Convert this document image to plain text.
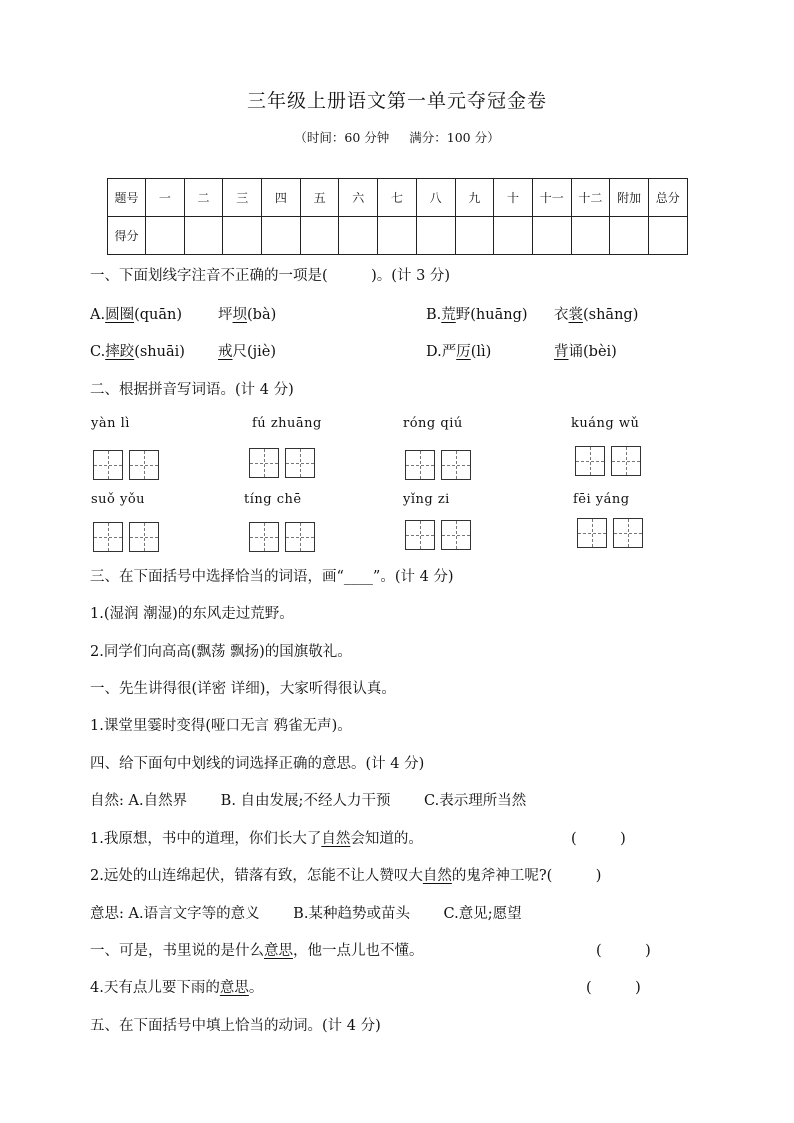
三年级上册语文第一单元夺冠金卷
（时间：60 分钟 满分：100 分）
题号	一	二	三	四	五	六	七	八	九	十	十一	十二	附加	总分
得分														
一、下面划线字注音不正确的一项是(　　　)。(计 3 分)
A.圆圈(quān) 坪坝(bà)	B.荒野(huāng) 衣裳(shāng)
C.摔跤(shuāi) 戒尺(jiè)	D.严厉(lì)	背诵(bèi)
二、根据拼音写词语。(计 4 分)
yàn lì	fú zhuāng	róng qiú	kuáng wǔ
suǒ yǒu	tíng chē	yǐng zi	fēi yáng
三、在下面括号中选择恰当的词语，画“____”。(计 4 分)
1.(湿润 潮湿)的东风走过荒野。
2.同学们向高高(飘荡 飘扬)的国旗敬礼。
一、先生讲得很(详密 详细)，大家听得很认真。
1.课堂里霎时变得(哑口无言 鸦雀无声)。
四、给下面句中划线的词选择正确的意思。(计 4 分)
自然: A.自然界　　 B. 自由发展;不经人力干预　　 C.表示理所当然
1.我原想，书中的道理，你们长大了自然会知道的。	(　　　)
2.远处的山连绵起伏，错落有致，怎能不让人赞叹大自然的鬼斧神工呢?(　　　)
意思: A.语言文字等的意义　　 B.某种趋势或苗头　　 C.意见;愿望
一、可是，书里说的是什么意思，他一点儿也不懂。	(　　　)
4.天有点儿要下雨的意思。	(　　　)
五、在下面括号中填上恰当的动词。(计 4 分)
